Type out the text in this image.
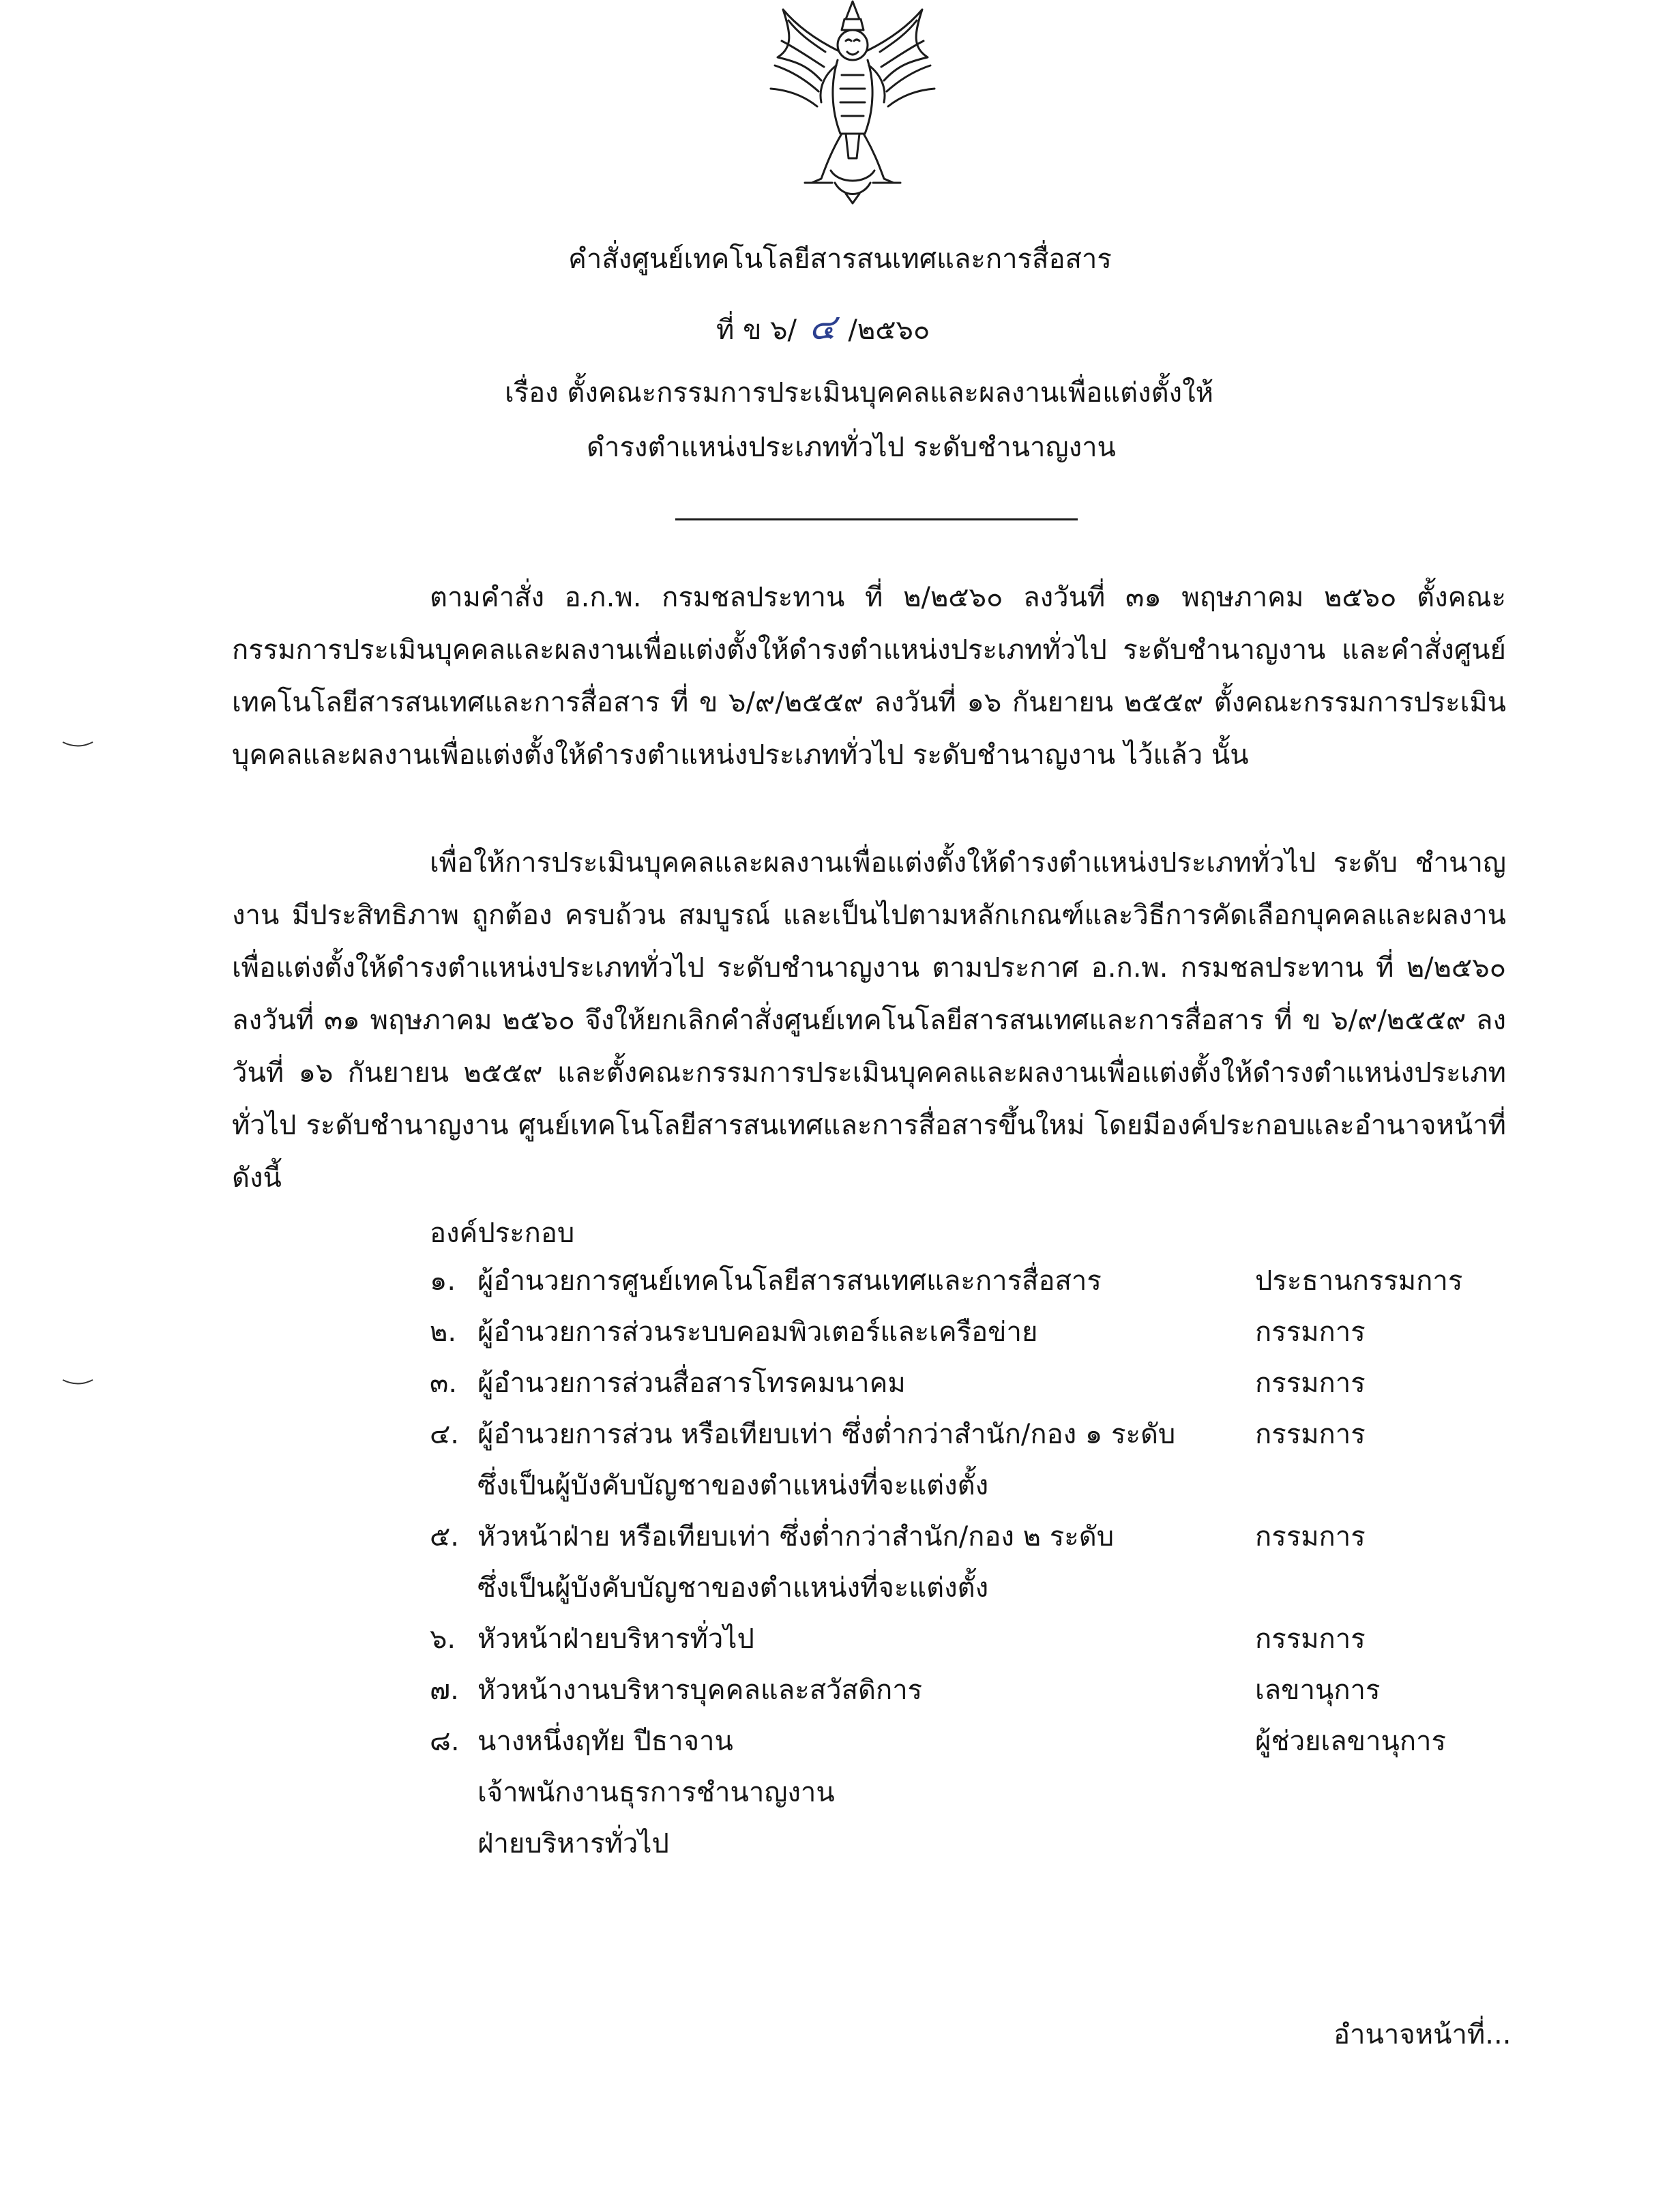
คำสั่งศูนย์เทคโนโลยีสารสนเทศและการสื่อสาร
ที่ ข ๖/ ๔ /๒๕๖๐
เรื่อง ตั้งคณะกรรมการประเมินบุคคลและผลงานเพื่อแต่งตั้งให้
ดำรงตำแหน่งประเภททั่วไป ระดับชำนาญงาน
ตามคำสั่ง อ.ก.พ. กรมชลประทาน ที่ ๒/๒๕๖๐ ลงวันที่ ๓๑ พฤษภาคม ๒๕๖๐ ตั้งคณะกรรมการประเมินบุคคลและผลงานเพื่อแต่งตั้งให้ดำรงตำแหน่งประเภททั่วไป ระดับชำนาญงาน และคำสั่งศูนย์เทคโนโลยีสารสนเทศและการสื่อสาร ที่ ข ๖/๙/๒๕๕๙ ลงวันที่ ๑๖ กันยายน ๒๕๕๙ ตั้งคณะกรรมการประเมินบุคคลและผลงานเพื่อแต่งตั้งให้ดำรงตำแหน่งประเภททั่วไป ระดับชำนาญงาน ไว้แล้ว นั้น
เพื่อให้การประเมินบุคคลและผลงานเพื่อแต่งตั้งให้ดำรงตำแหน่งประเภททั่วไป ระดับ ชำนาญงาน มีประสิทธิภาพ ถูกต้อง ครบถ้วน สมบูรณ์ และเป็นไปตามหลักเกณฑ์และวิธีการคัดเลือกบุคคลและผลงานเพื่อแต่งตั้งให้ดำรงตำแหน่งประเภททั่วไป ระดับชำนาญงาน ตามประกาศ อ.ก.พ. กรมชลประทาน ที่ ๒/๒๕๖๐ ลงวันที่ ๓๑ พฤษภาคม ๒๕๖๐ จึงให้ยกเลิกคำสั่งศูนย์เทคโนโลยีสารสนเทศและการสื่อสาร ที่ ข ๖/๙/๒๕๕๙ ลงวันที่ ๑๖ กันยายน ๒๕๕๙ และตั้งคณะกรรมการประเมินบุคคลและผลงานเพื่อแต่งตั้งให้ดำรงตำแหน่งประเภททั่วไป ระดับชำนาญงาน ศูนย์เทคโนโลยีสารสนเทศและการสื่อสารขึ้นใหม่ โดยมีองค์ประกอบและอำนาจหน้าที่ ดังนี้
องค์ประกอบ
๑. ผู้อำนวยการศูนย์เทคโนโลยีสารสนเทศและการสื่อสาร	ประธานกรรมการ
๒. ผู้อำนวยการส่วนระบบคอมพิวเตอร์และเครือข่าย	กรรมการ
๓. ผู้อำนวยการส่วนสื่อสารโทรคมนาคม	กรรมการ
๔. ผู้อำนวยการส่วน หรือเทียบเท่า ซึ่งต่ำกว่าสำนัก/กอง ๑ ระดับ	กรรมการ
ซึ่งเป็นผู้บังคับบัญชาของตำแหน่งที่จะแต่งตั้ง
๕. หัวหน้าฝ่าย หรือเทียบเท่า ซึ่งต่ำกว่าสำนัก/กอง ๒ ระดับ	กรรมการ
ซึ่งเป็นผู้บังคับบัญชาของตำแหน่งที่จะแต่งตั้ง
๖. หัวหน้าฝ่ายบริหารทั่วไป	กรรมการ
๗. หัวหน้างานบริหารบุคคลและสวัสดิการ	เลขานุการ
๘. นางหนึ่งฤทัย ปีธาจาน	ผู้ช่วยเลขานุการ
เจ้าพนักงานธุรการชำนาญงาน
ฝ่ายบริหารทั่วไป
อำนาจหน้าที่...
